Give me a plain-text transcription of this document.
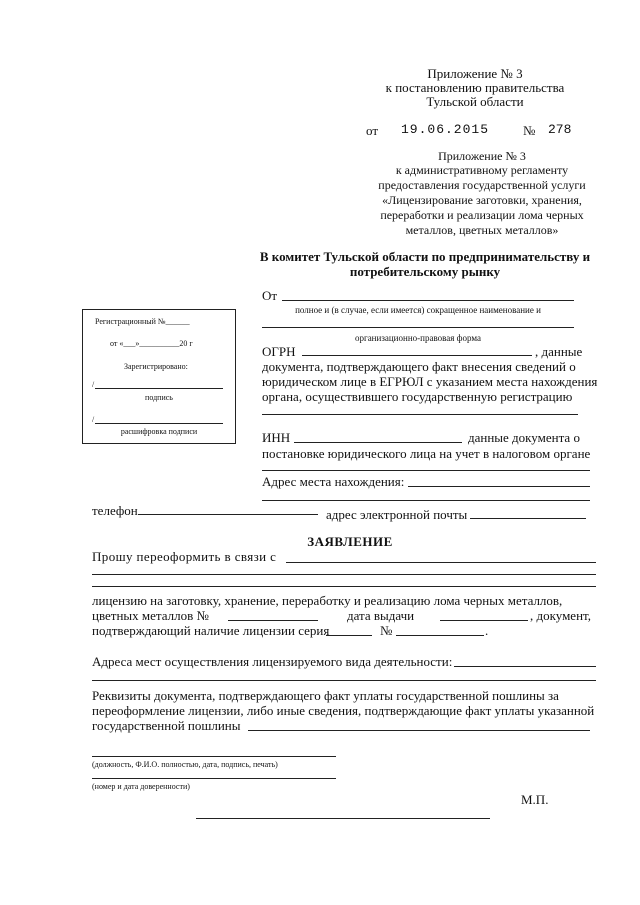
Приложение № 3
к постановлению правительства
Тульской области
от 19.06.2015	№ 278
Приложение № 3
к административному регламенту
предоставления государственной услуги
«Лицензирование заготовки, хранения,
переработки и реализации лома черных
металлов, цветных металлов»
В комитет Тульской области по предпринимательству и
потребительскому рынку
От
полное и (в случае, если имеется) сокращенное наименование и
организационно-правовая форма
Регистрационный №______
от «___»__________20 г
Зарегистрировано:
/
подпись
/
расшифровка подписи
ОГРН	, данные
документа, подтверждающего факт внесения сведений о
юридическом лице в ЕГРЮЛ с указанием места нахождения
органа, осуществившего государственную регистрацию
ИНН	данные документа о
постановке юридического лица на учет в налоговом органе
Адрес места нахождения:
телефон	адрес электронной почты
ЗАЯВЛЕНИЕ
Прошу переоформить в связи с
лицензию на заготовку, хранение, переработку и реализацию лома черных металлов,
цветных металлов №	дата выдачи	, документ,
подтверждающий наличие лицензии серия	№	.
Адреса мест осуществления лицензируемого вида деятельности:
Реквизиты документа, подтверждающего факт уплаты государственной пошлины за
переоформление лицензии, либо иные сведения, подтверждающие факт уплаты указанной
государственной пошлины
(должность, Ф.И.О. полностью, дата, подпись, печать)
(номер и дата доверенности)
М.П.
